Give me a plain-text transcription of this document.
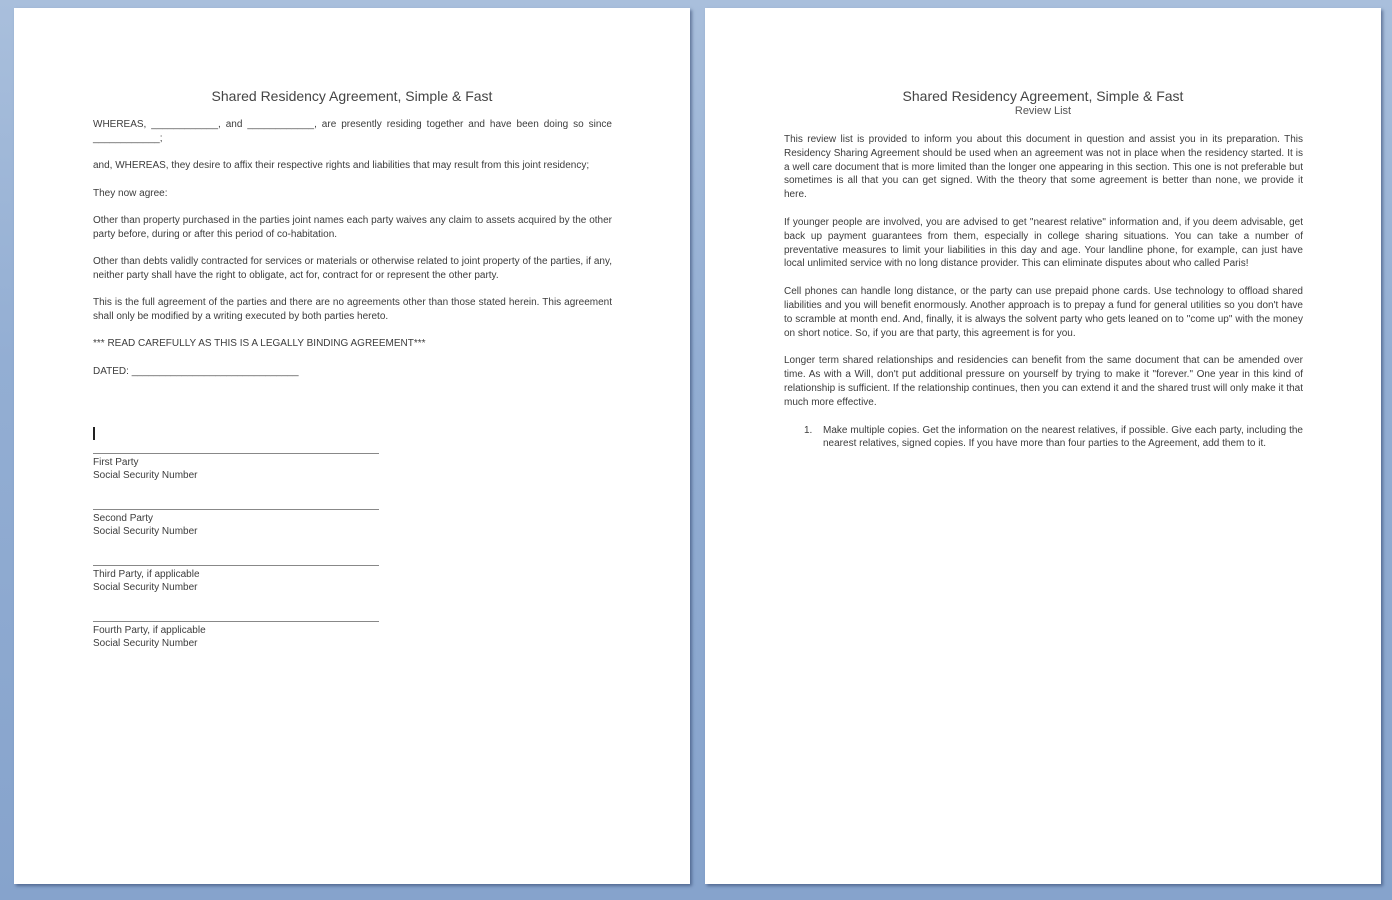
Shared Residency Agreement, Simple & Fast

WHEREAS, ____________, and ____________, are presently residing together and have been doing so since ____________;

and, WHEREAS, they desire to affix their respective rights and liabilities that may result from this joint residency;

They now agree:

Other than property purchased in the parties joint names each party waives any claim to assets acquired by the other party before, during or after this period of co-habitation.

Other than debts validly contracted for services or materials or otherwise related to joint property of the parties, if any, neither party shall have the right to obligate, act for, contract for or represent the other party.

This is the full agreement of the parties and there are no agreements other than those stated herein. This agreement shall only be modified by a writing executed by both parties hereto.

*** READ CAREFULLY AS THIS IS A LEGALLY BINDING AGREEMENT***

DATED: ______________________________

First Party
Social Security Number
Second Party
Social Security Number
Third Party, if applicable
Social Security Number
Fourth Party, if applicable
Social Security Number
Shared Residency Agreement, Simple & Fast
Review List

This review list is provided to inform you about this document in question and assist you in its preparation. This Residency Sharing Agreement should be used when an agreement was not in place when the residency started. It is a well care document that is more limited than the longer one appearing in this section. This one is not preferable but sometimes is all that you can get signed. With the theory that some agreement is better than none, we provide it here.

If younger people are involved, you are advised to get "nearest relative" information and, if you deem advisable, get back up payment guarantees from them, especially in college sharing situations. You can take a number of preventative measures to limit your liabilities in this day and age. Your landline phone, for example, can just have local unlimited service with no long distance provider. This can eliminate disputes about who called Paris!

Cell phones can handle long distance, or the party can use prepaid phone cards. Use technology to offload shared liabilities and you will benefit enormously. Another approach is to prepay a fund for general utilities so you don't have to scramble at month end. And, finally, it is always the solvent party who gets leaned on to "come up" with the money on short notice. So, if you are that party, this agreement is for you.

Longer term shared relationships and residencies can benefit from the same document that can be amended over time. As with a Will, don't put additional pressure on yourself by trying to make it "forever." One year in this kind of relationship is sufficient. If the relationship continues, then you can extend it and the shared trust will only make it that much more effective.

1. Make multiple copies. Get the information on the nearest relatives, if possible. Give each party, including the nearest relatives, signed copies. If you have more than four parties to the Agreement, add them to it.
